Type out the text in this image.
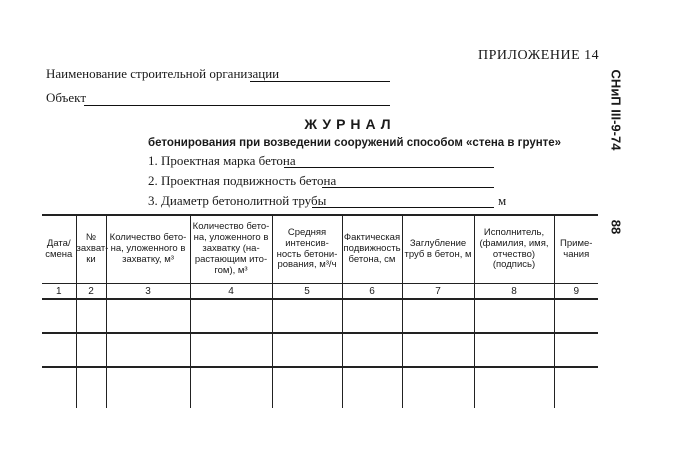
ПРИЛОЖЕНИЕ 14
СНиП III-9-74
88
Наименование строительной организации
Объект
ЖУРНАЛ
бетонирования при возведении сооружений способом «стена в грунте»
1. Проектная марка бетона
2. Проектная подвижность бетона
3. Диаметр бетонолитной трубы	м
Дата/ смена	№ захват- ки	Количество бето- на, уложенного в захватку, м³	Количество бето- на, уложенного в захватку (на- растающим ито- гом), м³	Средняя интенсив- ность бетони- рования, м³/ч	Фактическая подвижность бетона, см	Заглубление труб в бетон, м	Исполнитель, (фамилия, имя, отчество) (подпись)	Приме- чания
1	2	3	4	5	6	7	8	9
